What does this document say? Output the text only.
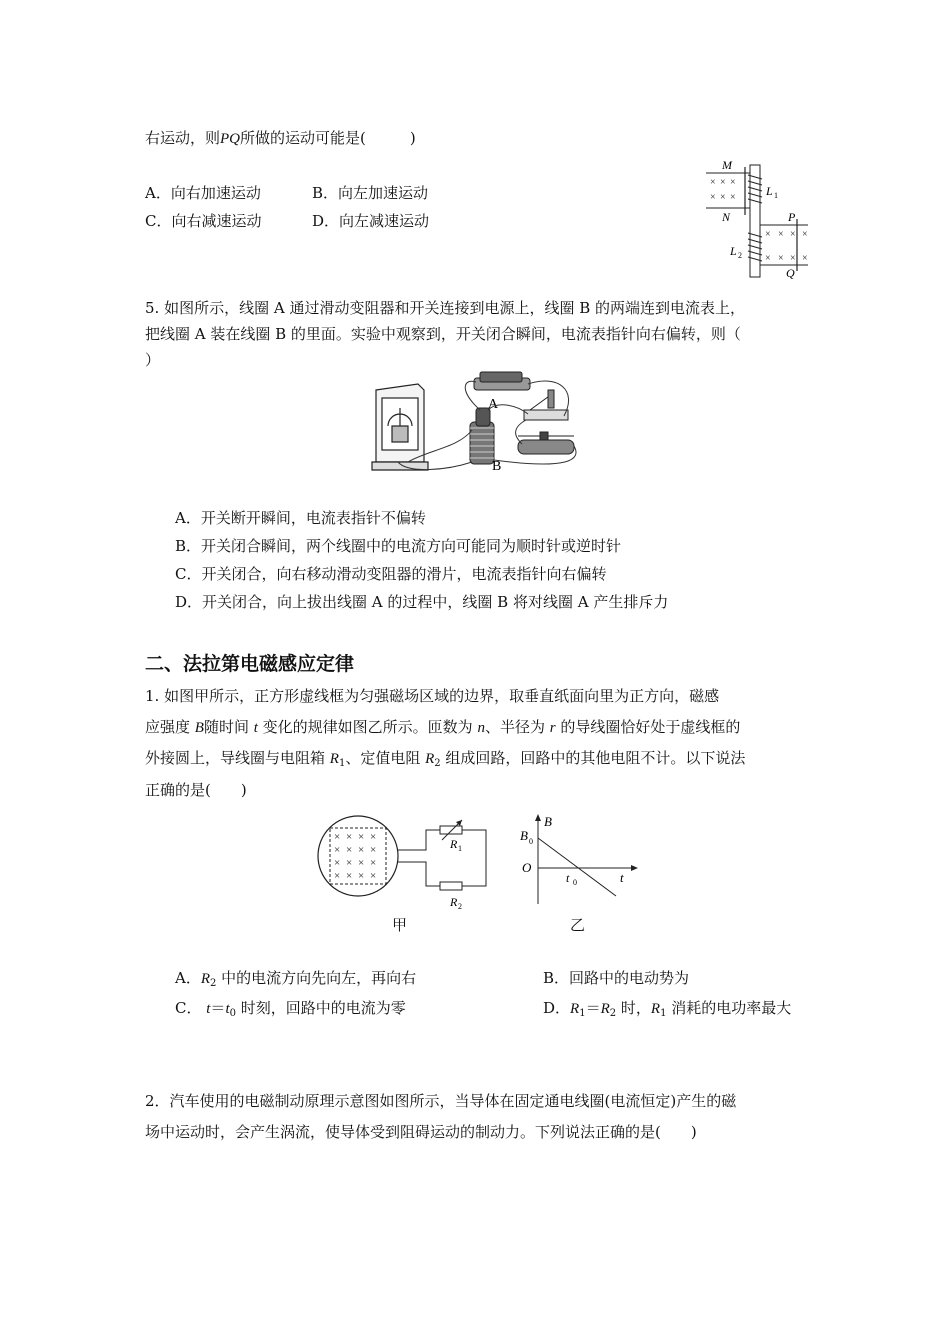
右运动，则PQ所做的运动可能是(	)
A．向右加速运动	B．向左加速运动
C．向右减速运动	D．向左减速运动
M
N
× × ×
× × ×	L 1
L 2
P
Q
× × × ×
× × × ×
5. 如图所示，线圈 A 通过滑动变阻器和开关连接到电源上，线圈 B 的两端连到电流表上，
把线圈 A 装在线圈 B 的里面。实验中观察到，开关闭合瞬间，电流表指针向右偏转，则（
）
A
B
A．开关断开瞬间，电流表指针不偏转
B．开关闭合瞬间，两个线圈中的电流方向可能同为顺时针或逆时针
C．开关闭合，向右移动滑动变阻器的滑片，电流表指针向右偏转
D．开关闭合，向上拔出线圈 A 的过程中，线圈 B 将对线圈 A 产生排斥力
二、法拉第电磁感应定律
1. 如图甲所示，正方形虚线框为匀强磁场区域的边界，取垂直纸面向里为正方向，磁感
应强度 B随时间 t 变化的规律如图乙所示。匝数为 n、半径为 r 的导线圈恰好处于虚线框的
外接圆上，导线圈与电阻箱 $R_1$、定值电阻 $R_2$ 组成回路，回路中的其他电阻不计。以下说法
正确的是(　　)
× × × ×
× × × ×
× × × ×
× × × ×
R 1
R 2
甲
B
B 0
O
t 0	t
乙
A．$R_2$ 中的电流方向先向左，再向右	B．回路中的电动势为
C． $t=t_0$ 时刻，回路中的电流为零	D．$R_1=R_2$ 时，$R_1$ 消耗的电功率最大
2．汽车使用的电磁制动原理示意图如图所示，当导体在固定通电线圈(电流恒定)产生的磁
场中运动时，会产生涡流，使导体受到阻碍运动的制动力。下列说法正确的是(　　)
